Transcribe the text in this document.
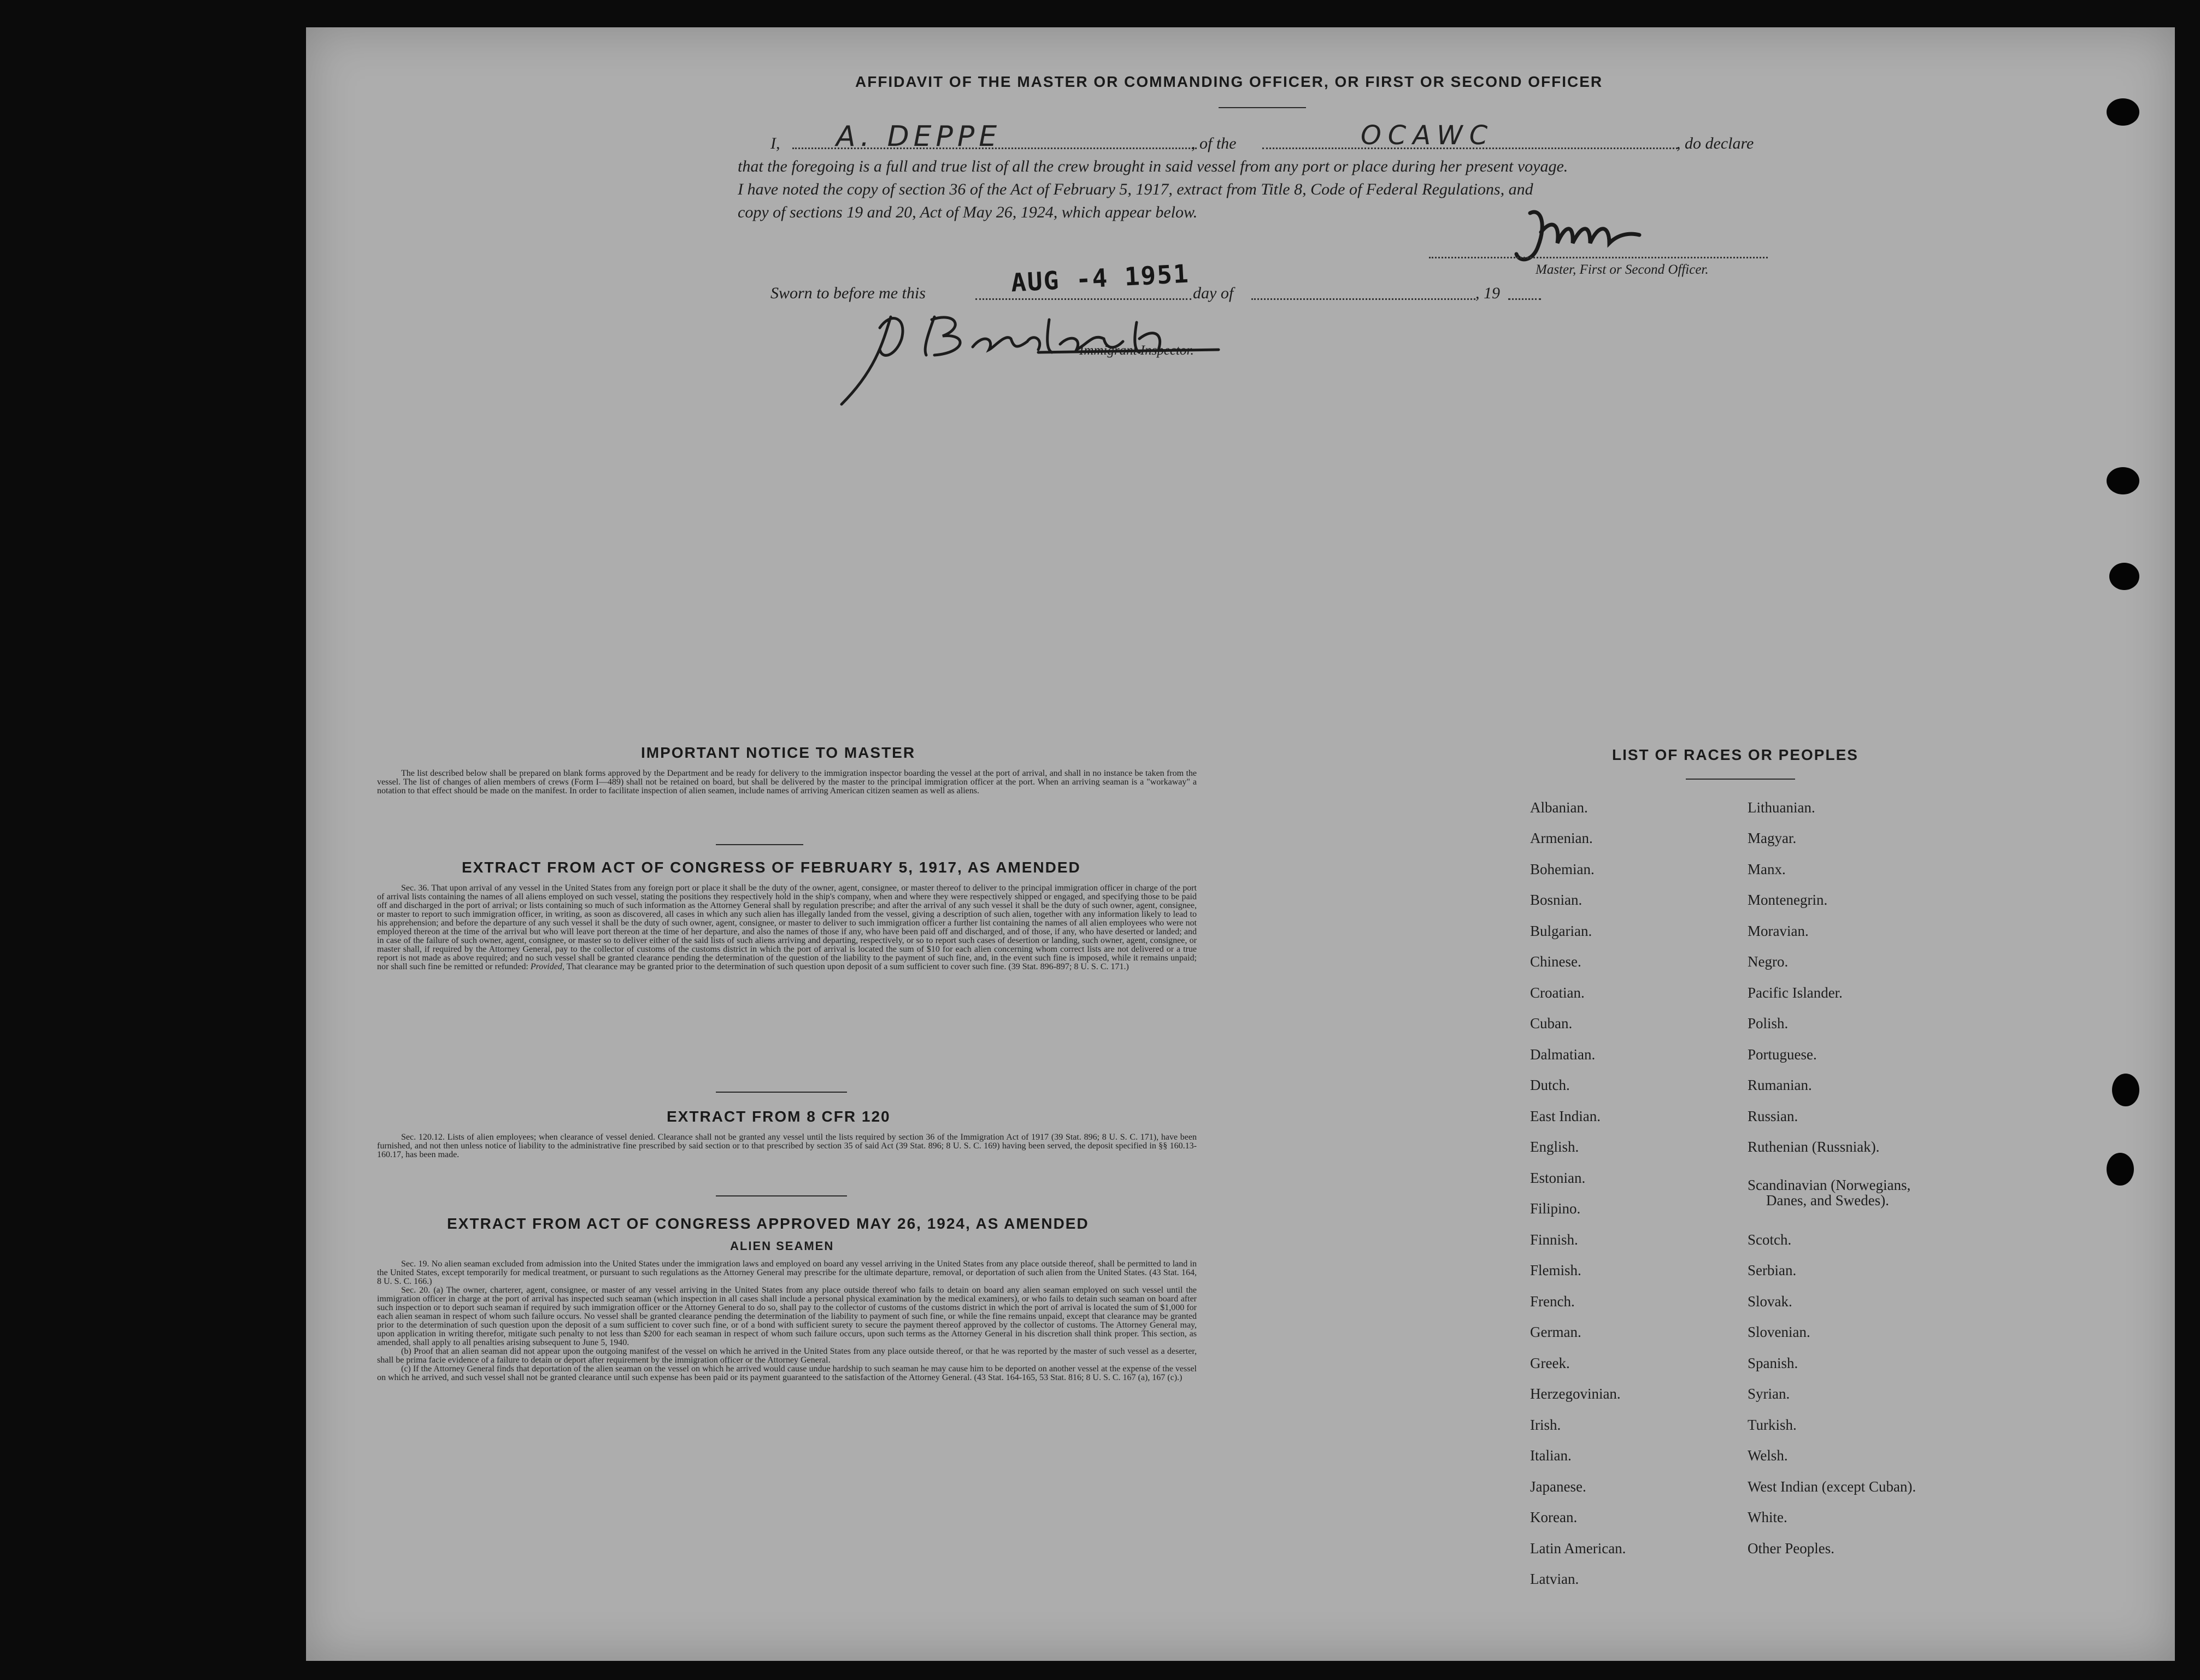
AFFIDAVIT OF THE MASTER OR COMMANDING OFFICER, OR FIRST OR SECOND OFFICER
I, A. DEPPE	, of the	OCAWC	, do declare
that the foregoing is a full and true list of all the crew brought in said vessel from any port or place during her present voyage.
I have noted the copy of section 36 of the Act of February 5, 1917, extract from Title 8, Code of Federal Regulations, and
copy of sections 19 and 20, Act of May 26, 1924, which appear below.
Master, First or Second Officer.
Sworn to before me this	AUG -4 1951 day of	, 19
Immigrant Inspector.
IMPORTANT NOTICE TO MASTER

The list described below shall be prepared on blank forms approved by the Department and be ready for delivery to the immigration inspector boarding the vessel at the port of arrival, and shall in no instance be taken from the vessel. The list of changes of alien members of crews (Form I—489) shall not be retained on board, but shall be delivered by the master to the principal immigration officer at the port. When an arriving seaman is a "workaway" a notation to that effect should be made on the manifest. In order to facilitate inspection of alien seamen, include names of arriving American citizen seamen as well as aliens.

EXTRACT FROM ACT OF CONGRESS OF FEBRUARY 5, 1917, AS AMENDED

Sec. 36. That upon arrival of any vessel in the United States from any foreign port or place it shall be the duty of the owner, agent, consignee, or master thereof to deliver to the principal immigration officer in charge of the port of arrival lists containing the names of all aliens employed on such vessel, stating the positions they respectively hold in the ship's company, when and where they were respectively shipped or engaged, and specifying those to be paid off and discharged in the port of arrival; or lists containing so much of such information as the Attorney General shall by regulation prescribe; and after the arrival of any such vessel it shall be the duty of such owner, agent, consignee, or master to report to such immigration officer, in writing, as soon as discovered, all cases in which any such alien has illegally landed from the vessel, giving a description of such alien, together with any information likely to lead to his apprehension; and before the departure of any such vessel it shall be the duty of such owner, agent, consignee, or master to deliver to such immigration officer a further list containing the names of all alien employees who were not employed thereon at the time of the arrival but who will leave port thereon at the time of her departure, and also the names of those if any, who have been paid off and discharged, and of those, if any, who have deserted or landed; and in case of the failure of such owner, agent, consignee, or master so to deliver either of the said lists of such aliens arriving and departing, respectively, or so to report such cases of desertion or landing, such owner, agent, consignee, or master shall, if required by the Attorney General, pay to the collector of customs of the customs district in which the port of arrival is located the sum of $10 for each alien concerning whom correct lists are not delivered or a true report is not made as above required; and no such vessel shall be granted clearance pending the determination of the question of the liability to the payment of such fine, and, in the event such fine is imposed, while it remains unpaid; nor shall such fine be remitted or refunded: Provided, That clearance may be granted prior to the determination of such question upon deposit of a sum sufficient to cover such fine. (39 Stat. 896-897; 8 U. S. C. 171.)

EXTRACT FROM 8 CFR 120

Sec. 120.12. Lists of alien employees; when clearance of vessel denied. Clearance shall not be granted any vessel until the lists required by section 36 of the Immigration Act of 1917 (39 Stat. 896; 8 U. S. C. 171), have been furnished, and not then unless notice of liability to the administrative fine prescribed by said section or to that prescribed by section 35 of said Act (39 Stat. 896; 8 U. S. C. 169) having been served, the deposit specified in §§ 160.13-160.17, has been made.

EXTRACT FROM ACT OF CONGRESS APPROVED MAY 26, 1924, AS AMENDED
ALIEN SEAMEN

Sec. 19. No alien seaman excluded from admission into the United States under the immigration laws and employed on board any vessel arriving in the United States from any place outside thereof, shall be permitted to land in the United States, except temporarily for medical treatment, or pursuant to such regulations as the Attorney General may prescribe for the ultimate departure, removal, or deportation of such alien from the United States. (43 Stat. 164, 8 U. S. C. 166.)

Sec. 20. (a) The owner, charterer, agent, consignee, or master of any vessel arriving in the United States from any place outside thereof who fails to detain on board any alien seaman employed on such vessel until the immigration officer in charge at the port of arrival has inspected such seaman (which inspection in all cases shall include a personal physical examination by the medical examiners), or who fails to detain such seaman on board after such inspection or to deport such seaman if required by such immigration officer or the Attorney General to do so, shall pay to the collector of customs of the customs district in which the port of arrival is located the sum of $1,000 for each alien seaman in respect of whom such failure occurs. No vessel shall be granted clearance pending the determination of the liability to payment of such fine, or while the fine remains unpaid, except that clearance may be granted prior to the determination of such question upon the deposit of a sum sufficient to cover such fine, or of a bond with sufficient surety to secure the payment thereof approved by the collector of customs. The Attorney General may, upon application in writing therefor, mitigate such penalty to not less than $200 for each seaman in respect of whom such failure occurs, upon such terms as the Attorney General in his discretion shall think proper. This section, as amended, shall apply to all penalties arising subsequent to June 5, 1940.

(b) Proof that an alien seaman did not appear upon the outgoing manifest of the vessel on which he arrived in the United States from any place outside thereof, or that he was reported by the master of such vessel as a deserter, shall be prima facie evidence of a failure to detain or deport after requirement by the immigration officer or the Attorney General.

(c) If the Attorney General finds that deportation of the alien seaman on the vessel on which he arrived would cause undue hardship to such seaman he may cause him to be deported on another vessel at the expense of the vessel on which he arrived, and such vessel shall not be granted clearance until such expense has been paid or its payment guaranteed to the satisfaction of the Attorney General. (43 Stat. 164-165, 53 Stat. 816; 8 U. S. C. 167 (a), 167 (c).)

LIST OF RACES OR PEOPLES
Albanian.
Armenian.
Bohemian.
Bosnian.
Bulgarian.
Chinese.
Croatian.
Cuban.
Dalmatian.
Dutch.
East Indian.
English.
Estonian.
Filipino.
Finnish.
Flemish.
French.
German.
Greek.
Herzegovinian.
Irish.
Italian.
Japanese.
Korean.
Latin American.
Latvian.
Lithuanian.
Magyar.
Manx.
Montenegrin.
Moravian.
Negro.
Pacific Islander.
Polish.
Portuguese.
Rumanian.
Russian.
Ruthenian (Russniak).
Scandinavian (Norwegians,
Danes, and Swedes).
Scotch.
Serbian.
Slovak.
Slovenian.
Spanish.
Syrian.
Turkish.
Welsh.
West Indian (except Cuban).
White.
Other Peoples.
